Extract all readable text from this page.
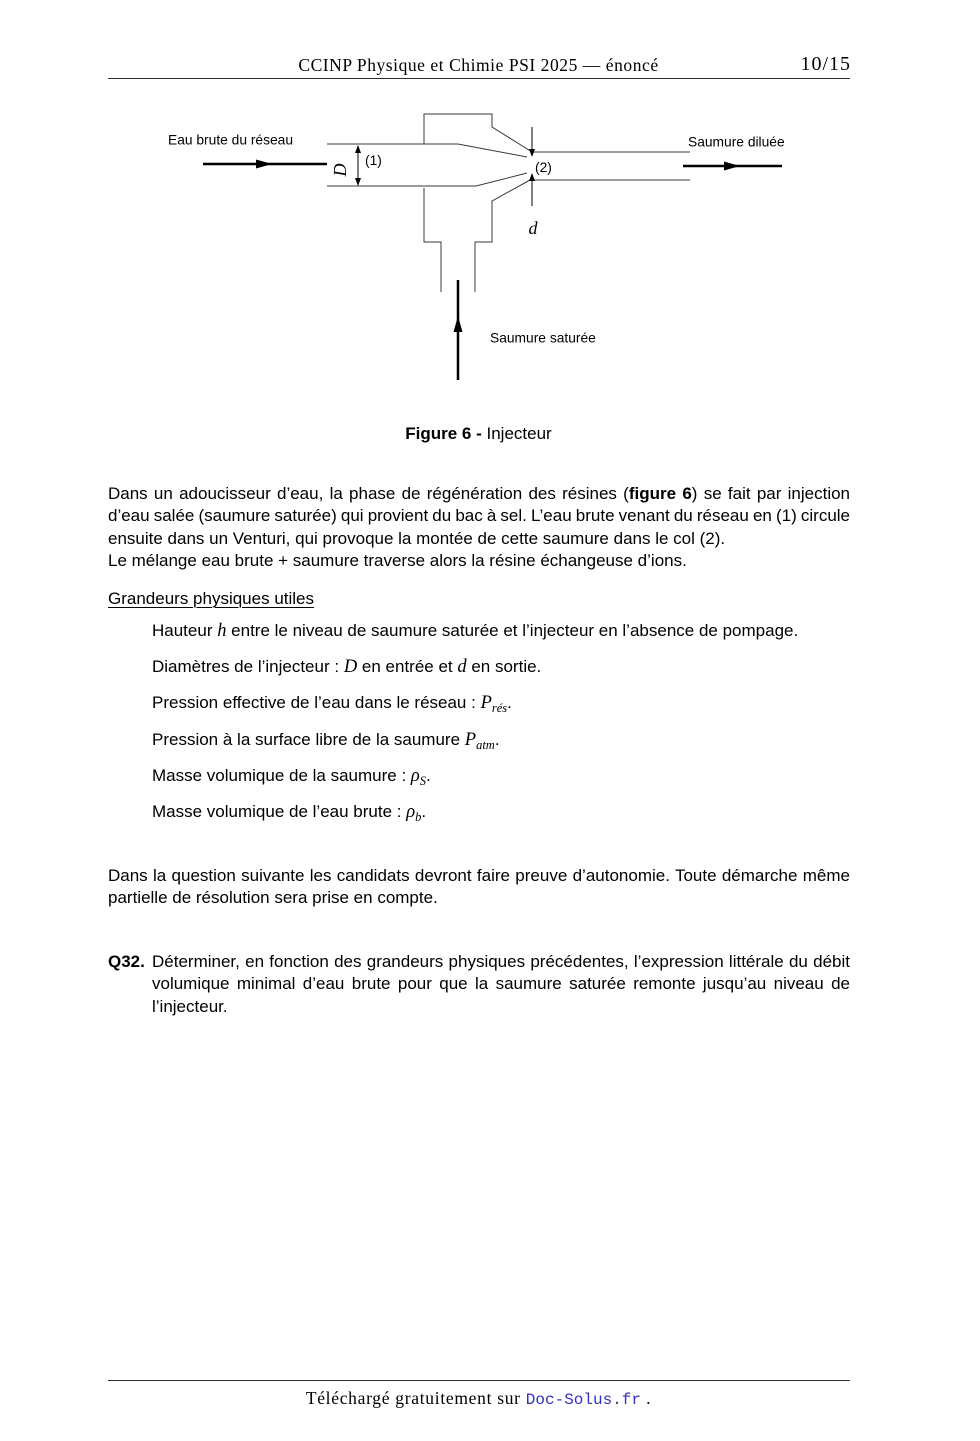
CCINP Physique et Chimie PSI 2025 — énoncé	10/15
Eau brute du réseau	Saumure diluée
Saumure saturée
(1)	(2)
D
d
Figure 6 - Injecteur
Dans un adoucisseur d’eau, la phase de régénération des résines (figure 6) se fait par injection
d’eau salée (saumure saturée) qui provient du bac à sel. L’eau brute venant du réseau en (1) circule
ensuite dans un Venturi, qui provoque la montée de cette saumure dans le col (2).
Le mélange eau brute + saumure traverse alors la résine échangeuse d’ions.
Grandeurs physiques utiles
Hauteur h entre le niveau de saumure saturée et l’injecteur en l’absence de pompage.
Diamètres de l’injecteur : D en entrée et d en sortie.
Pression effective de l’eau dans le réseau : $P_{rés}$.
Pression à la surface libre de la saumure $P_{atm}$.
Masse volumique de la saumure : $\rho_S$.
Masse volumique de l’eau brute : $\rho_b$.
Dans la question suivante les candidats devront faire preuve d’autonomie. Toute démarche même
partielle de résolution sera prise en compte.
Q32. Déterminer, en fonction des grandeurs physiques précédentes, l’expression littérale du débit
volumique minimal d’eau brute pour que la saumure saturée remonte jusqu’au niveau de
l’injecteur.
Téléchargé gratuitement sur Doc-Solus.fr .
